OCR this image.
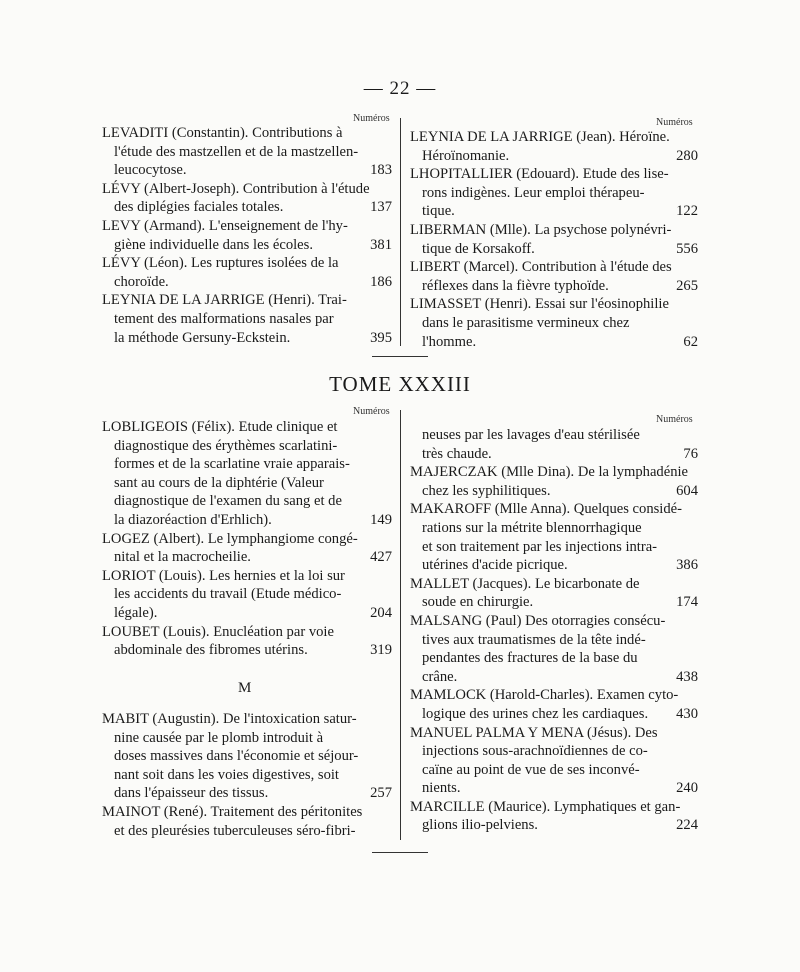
— 22 —
Numéros	Numéros
LEVADITI (Constantin). Contributions à
l'étude des mastzellen et de la mastzellen-
leucocytose.	183
LÉVY (Albert-Joseph). Contribution à l'étude
des diplégies faciales totales.	137
LEVY (Armand). L'enseignement de l'hy-
giène individuelle dans les écoles.	381
LÉVY (Léon). Les ruptures isolées de la
choroïde.	186
LEYNIA DE LA JARRIGE (Henri). Trai-
tement des malformations nasales par
la méthode Gersuny-Eckstein.	395
LEYNIA DE LA JARRIGE (Jean). Héroïne.
Héroïnomanie.	280
LHOPITALLIER (Edouard). Etude des lise-
rons indigènes. Leur emploi thérapeu-
tique.	122
LIBERMAN (Mlle). La psychose polynévri-
tique de Korsakoff.	556
LIBERT (Marcel). Contribution à l'étude des
réflexes dans la fièvre typhoïde.	265
LIMASSET (Henri). Essai sur l'éosinophilie
dans le parasitisme vermineux chez
l'homme.	62
TOME XXXIII
Numéros
Numéros
LOBLIGEOIS (Félix). Etude clinique et
diagnostique des érythèmes scarlatini-
formes et de la scarlatine vraie apparais-
sant au cours de la diphtérie (Valeur
diagnostique de l'examen du sang et de
la diazoréaction d'Erhlich).	149
LOGEZ (Albert). Le lymphangiome congé-
nital et la macrocheilie.	427
LORIOT (Louis). Les hernies et la loi sur
les accidents du travail (Etude médico-
légale).	204
LOUBET (Louis). Enucléation par voie
abdominale des fibromes utérins.	319
M
MABIT (Augustin). De l'intoxication satur-
nine causée par le plomb introduit à
doses massives dans l'économie et séjour-
nant soit dans les voies digestives, soit
dans l'épaisseur des tissus.	257
MAINOT (René). Traitement des péritonites
et des pleurésies tuberculeuses séro-fibri-
neuses par les lavages d'eau stérilisée
très chaude.	76
MAJERCZAK (Mlle Dina). De la lymphadénie
chez les syphilitiques.	604
MAKAROFF (Mlle Anna). Quelques considé-
rations sur la métrite blennorrhagique
et son traitement par les injections intra-
utérines d'acide picrique.	386
MALLET (Jacques). Le bicarbonate de
soude en chirurgie.	174
MALSANG (Paul) Des otorragies consécu-
tives aux traumatismes de la tête indé-
pendantes des fractures de la base du
crâne.	438
MAMLOCK (Harold-Charles). Examen cyto-
logique des urines chez les cardiaques.	430
MANUEL PALMA Y MENA (Jésus). Des
injections sous-arachnoïdiennes de co-
caïne au point de vue de ses inconvé-
nients.	240
MARCILLE (Maurice). Lymphatiques et gan-
glions ilio-pelviens.	224
